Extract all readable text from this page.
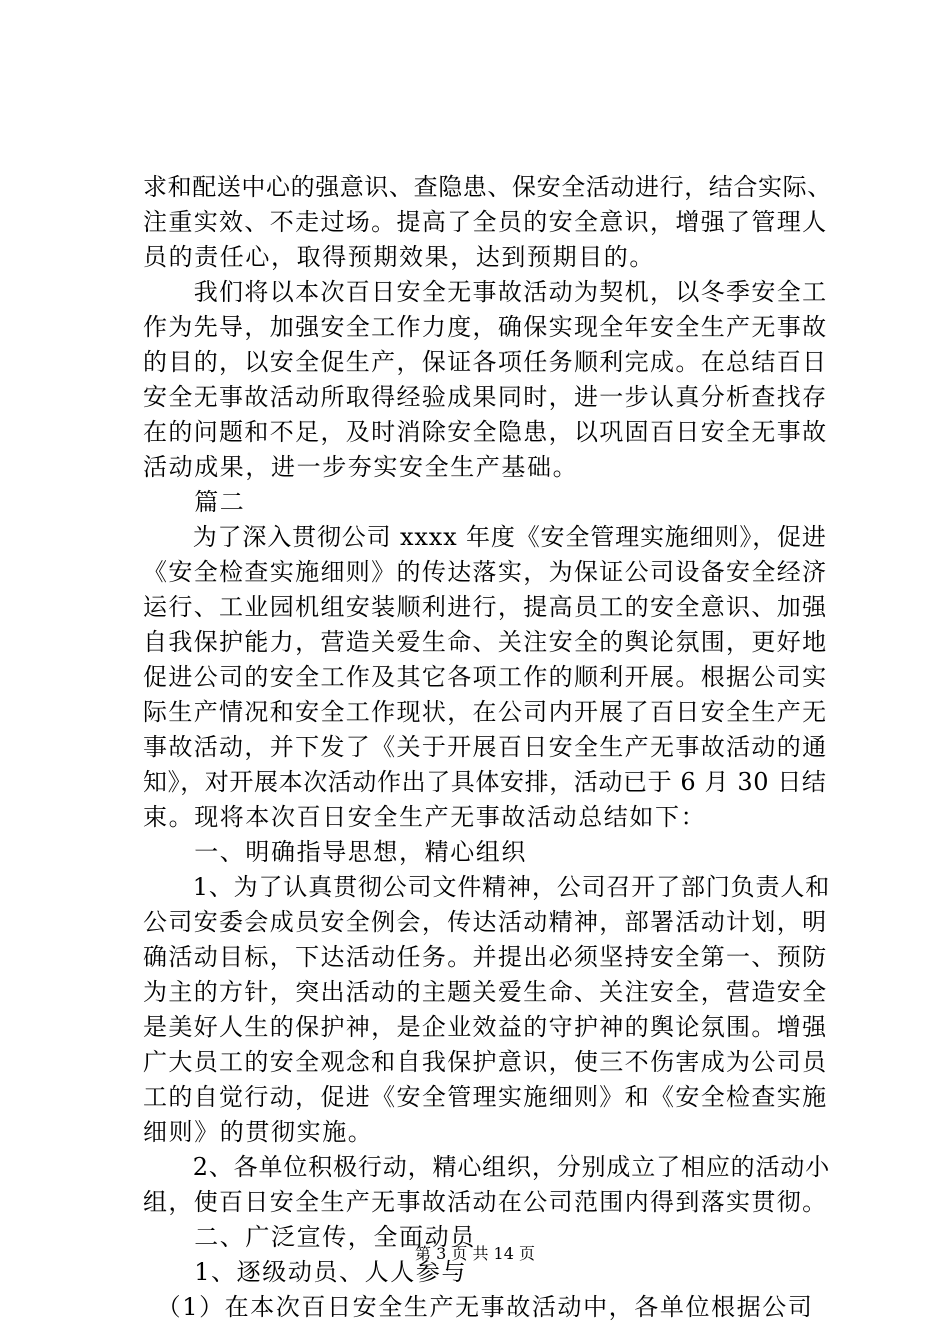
求和配送中心的强意识、查隐患、保安全活动进行，结合实际、
注重实效、不走过场。提高了全员的安全意识，增强了管理人
员的责任心，取得预期效果，达到预期目的。
　　我们将以本次百日安全无事故活动为契机，以冬季安全工
作为先导，加强安全工作力度，确保实现全年安全生产无事故
的目的，以安全促生产，保证各项任务顺利完成。在总结百日
安全无事故活动所取得经验成果同时，进一步认真分析查找存
在的问题和不足，及时消除安全隐患，以巩固百日安全无事故
活动成果，进一步夯实安全生产基础。
　　篇二
　　为了深入贯彻公司 xxxx 年度《安全管理实施细则》，促进
《安全检查实施细则》的传达落实，为保证公司设备安全经济
运行、工业园机组安装顺利进行，提高员工的安全意识、加强
自我保护能力，营造关爱生命、关注安全的舆论氛围，更好地
促进公司的安全工作及其它各项工作的顺利开展。根据公司实
际生产情况和安全工作现状，在公司内开展了百日安全生产无
事故活动，并下发了《关于开展百日安全生产无事故活动的通
知》，对开展本次活动作出了具体安排，活动已于 6 月 30 日结
束。现将本次百日安全生产无事故活动总结如下：
　　一、明确指导思想，精心组织
　　1、为了认真贯彻公司文件精神，公司召开了部门负责人和
公司安委会成员安全例会，传达活动精神，部署活动计划，明
确活动目标，下达活动任务。并提出必须坚持安全第一、预防
为主的方针，突出活动的主题关爱生命、关注安全，营造安全
是美好人生的保护神，是企业效益的守护神的舆论氛围。增强
广大员工的安全观念和自我保护意识，使三不伤害成为公司员
工的自觉行动，促进《安全管理实施细则》和《安全检查实施
细则》的贯彻实施。
　　2、各单位积极行动，精心组织，分别成立了相应的活动小
组，使百日安全生产无事故活动在公司范围内得到落实贯彻。
　　二、广泛宣传，全面动员
　　1、逐级动员、人人参与
　（1）在本次百日安全生产无事故活动中，各单位根据公司
第 3 页 共 14 页
